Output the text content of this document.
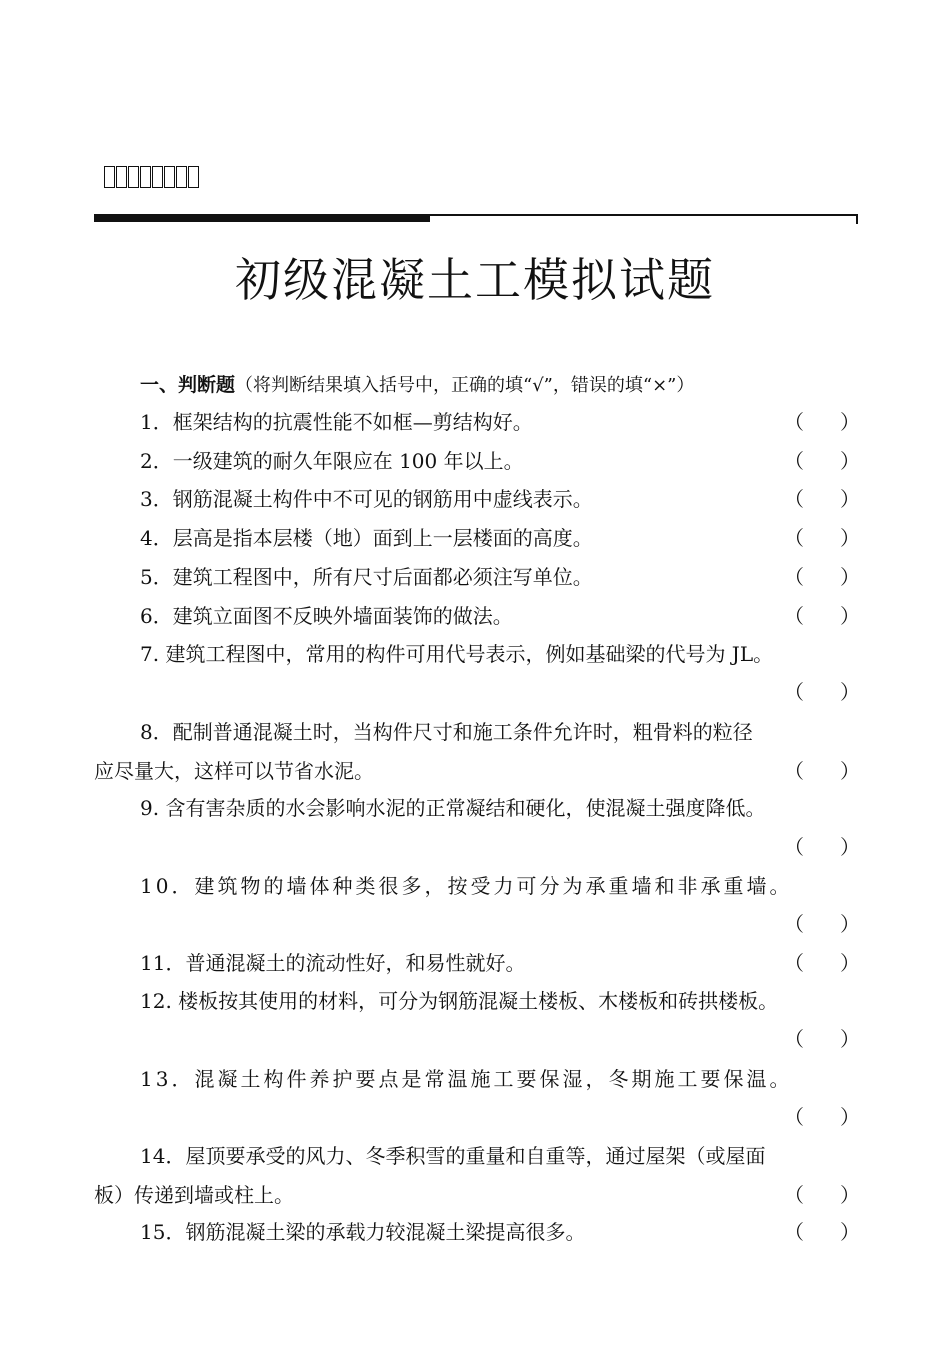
初级混凝土工模拟试题
一、判断题（将判断结果填入括号中，正确的填“√”，错误的填“×”）
1．框架结构的抗震性能不如框—剪结构好。	（ ）
2．一级建筑的耐久年限应在 100 年以上。	（ ）
3．钢筋混凝土构件中不可见的钢筋用中虚线表示。	（ ）
4．层高是指本层楼（地）面到上一层楼面的高度。	（ ）
5．建筑工程图中，所有尺寸后面都必须注写单位。	（ ）
6．建筑立面图不反映外墙面装饰的做法。	（ ）
7. 建筑工程图中，常用的构件可用代号表示，例如基础梁的代号为 JL。
（ ）
8．配制普通混凝土时，当构件尺寸和施工条件允许时，粗骨料的粒径
应尽量大，这样可以节省水泥。	（ ）
9. 含有害杂质的水会影响水泥的正常凝结和硬化，使混凝土强度降低。
（ ）
10．建筑物的墙体种类很多，按受力可分为承重墙和非承重墙。
（ ）
11．普通混凝土的流动性好，和易性就好。	（ ）
12. 楼板按其使用的材料，可分为钢筋混凝土楼板、木楼板和砖拱楼板。
（ ）
13．混凝土构件养护要点是常温施工要保湿，冬期施工要保温。
（ ）
14．屋顶要承受的风力、冬季积雪的重量和自重等，通过屋架（或屋面
板）传递到墙或柱上。	（ ）
15．钢筋混凝土梁的承载力较混凝土梁提高很多。	（ ）
